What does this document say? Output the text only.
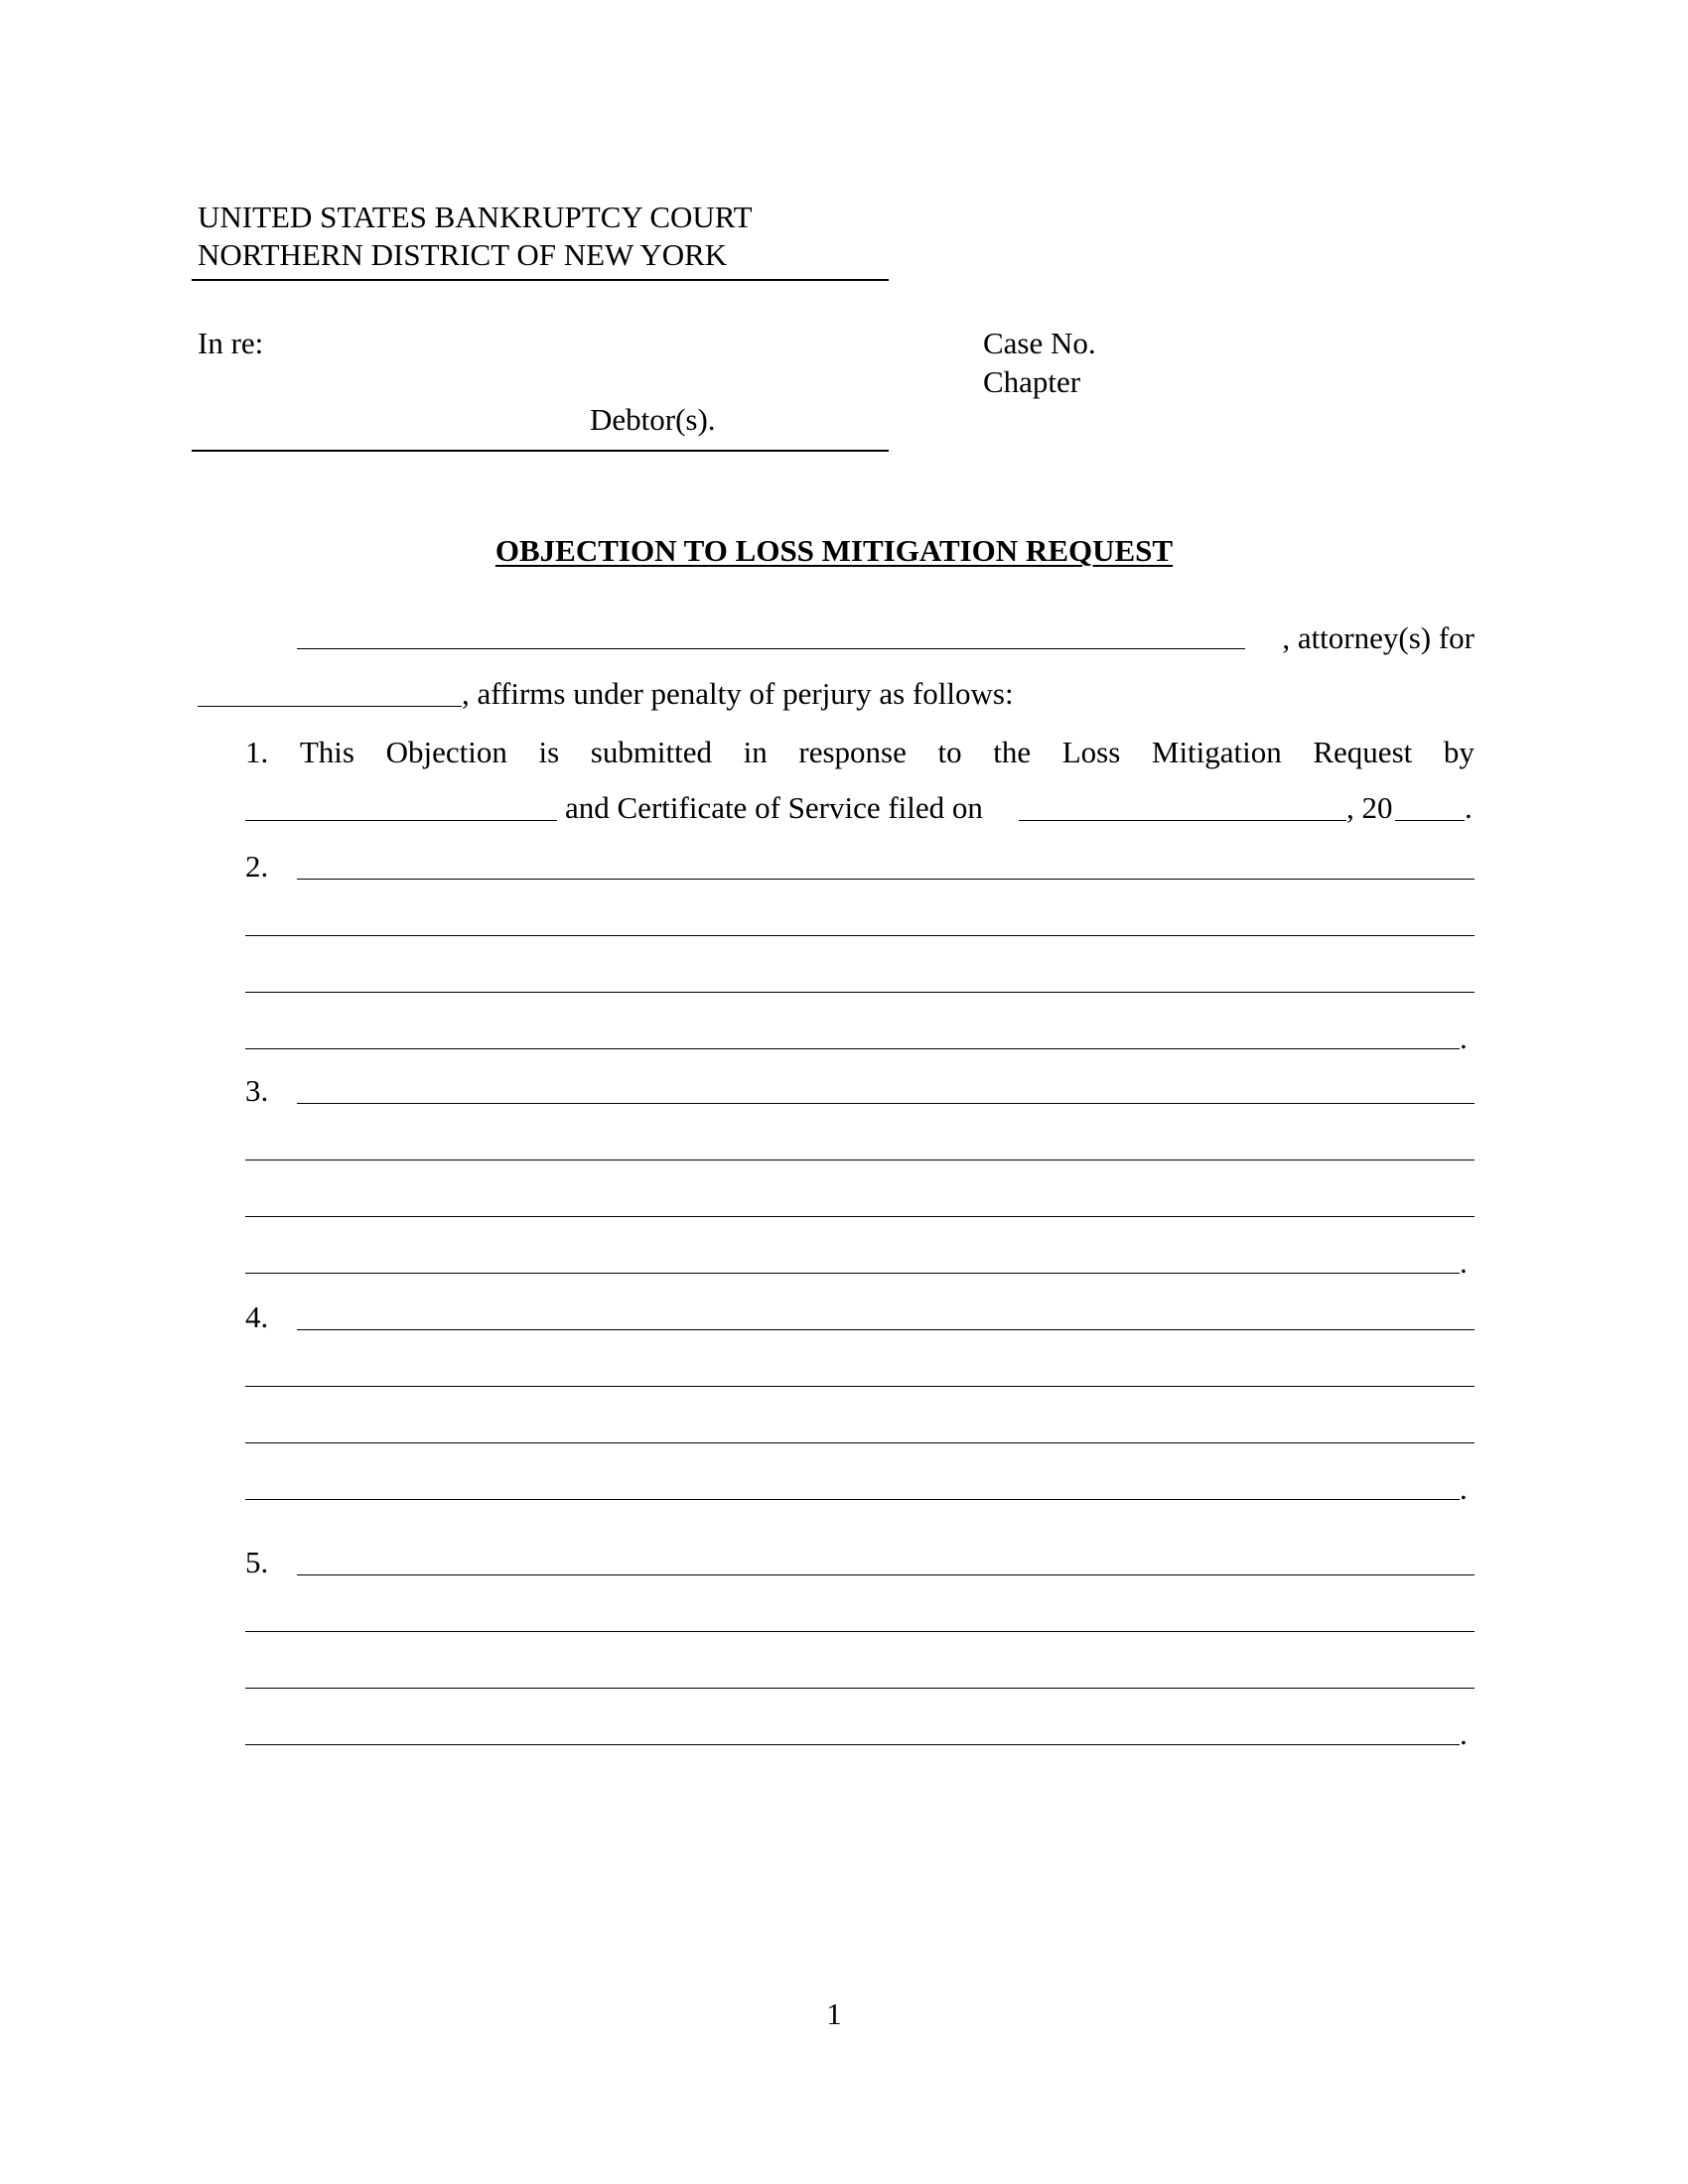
UNITED STATES BANKRUPTCY COURT
NORTHERN DISTRICT OF NEW YORK
In re:	Case No.
Chapter
Debtor(s).
OBJECTION TO LOSS MITIGATION REQUEST
, attorney(s) for
, affirms under penalty of perjury as follows:
1. This Objection is submitted in response to the Loss Mitigation Request by
and Certificate of Service filed on	, 20 .
2.
.
3.
.
4.
.
5.
.
1
